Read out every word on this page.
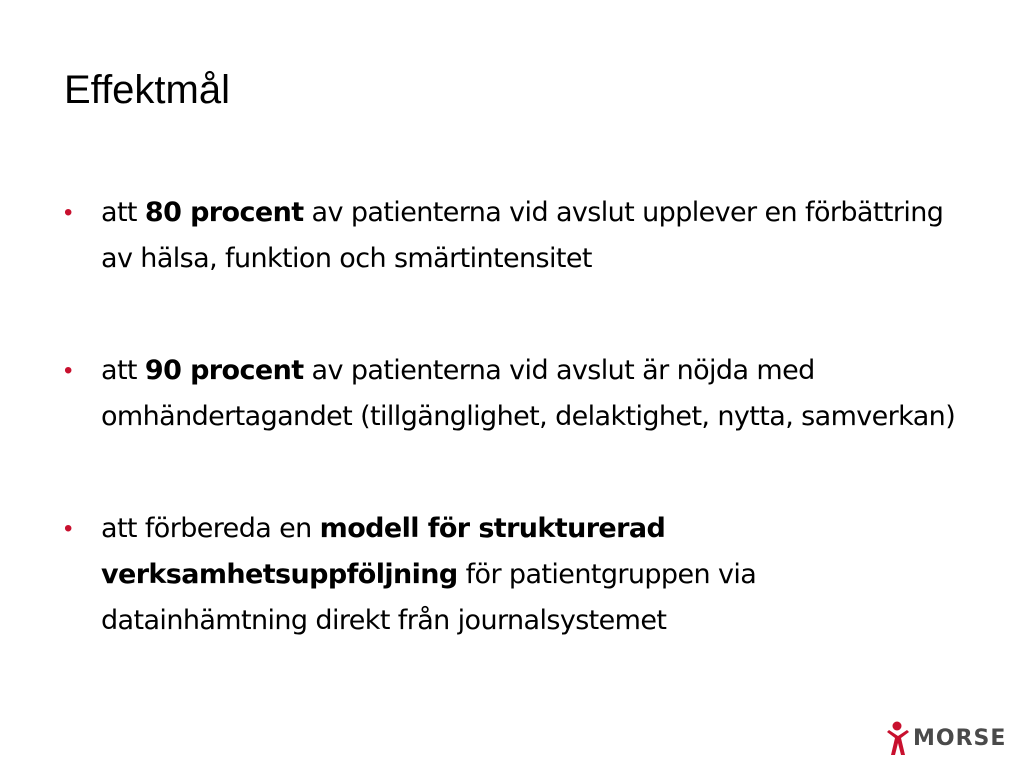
Effektmål
• att 80 procent av patienterna vid avslut upplever en förbättring av hälsa, funktion och smärtintensitet
• att 90 procent av patienterna vid avslut är nöjda med omhändertagandet (tillgänglighet, delaktighet, nytta, samverkan)
• att förbereda en modell för strukturerad verksamhetsuppföljning för patientgruppen via datainhämtning direkt från journalsystemet
MORSE
